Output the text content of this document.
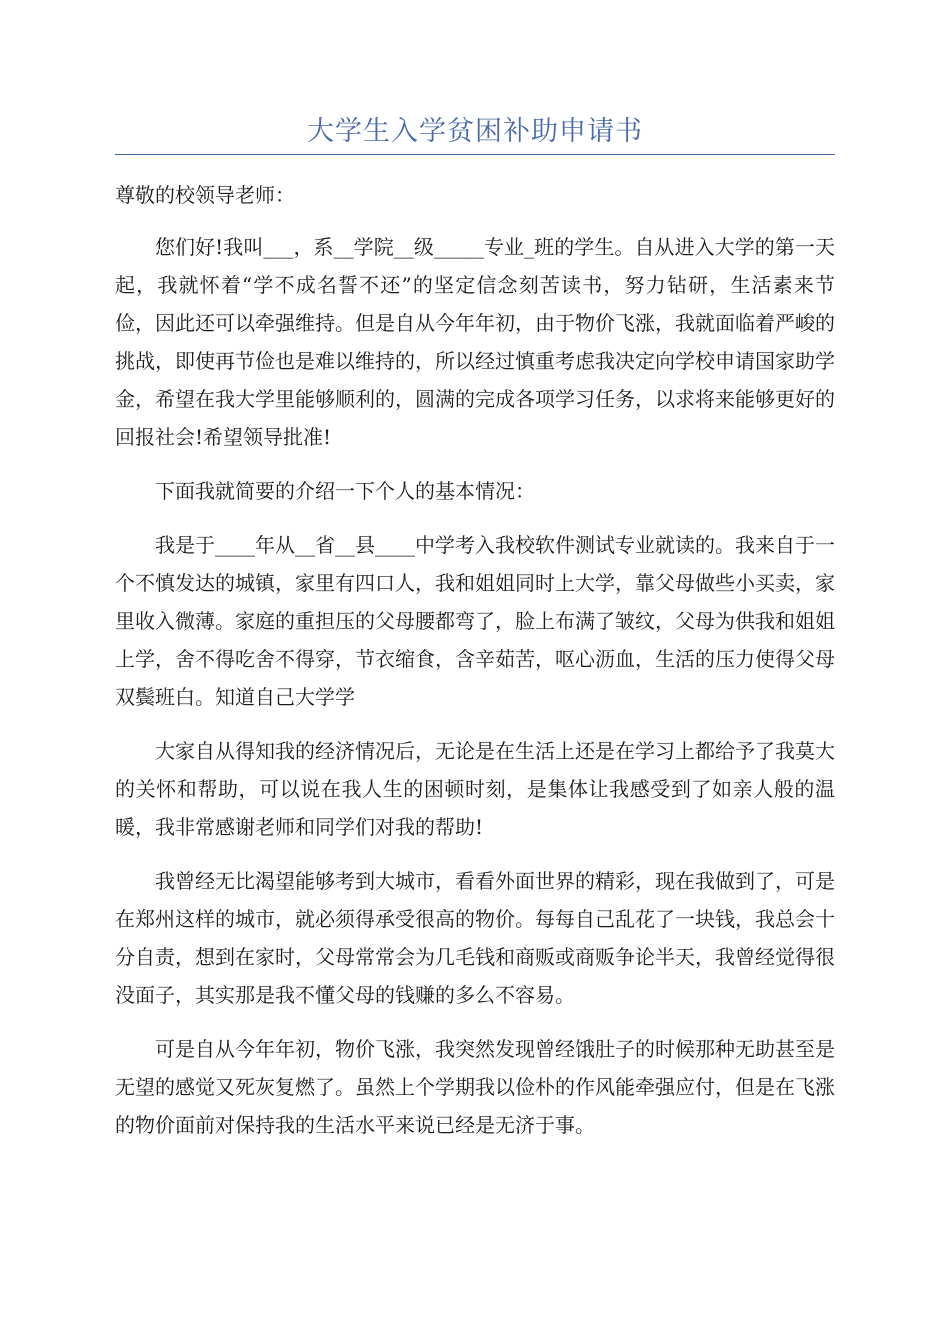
大学生入学贫困补助申请书

尊敬的校领导老师：

您们好!我叫___，系__学院__级_____专业_班的学生。自从进入大学的第一天起，我就怀着“学不成名誓不还”的坚定信念刻苦读书，努力钻研，生活素来节俭，因此还可以牵强维持。但是自从今年年初，由于物价飞涨，我就面临着严峻的挑战，即使再节俭也是难以维持的，所以经过慎重考虑我决定向学校申请国家助学金，希望在我大学里能够顺利的，圆满的完成各项学习任务，以求将来能够更好的回报社会!希望领导批准!

下面我就简要的介绍一下个人的基本情况：

我是于____年从__省__县____中学考入我校软件测试专业就读的。我来自于一个不慎发达的城镇，家里有四口人，我和姐姐同时上大学，靠父母做些小买卖，家里收入微薄。家庭的重担压的父母腰都弯了，脸上布满了皱纹，父母为供我和姐姐上学，舍不得吃舍不得穿，节衣缩食，含辛茹苦，呕心沥血，生活的压力使得父母双鬓班白。知道自己大学学

大家自从得知我的经济情况后，无论是在生活上还是在学习上都给予了我莫大的关怀和帮助，可以说在我人生的困顿时刻，是集体让我感受到了如亲人般的温暖，我非常感谢老师和同学们对我的帮助!

我曾经无比渴望能够考到大城市，看看外面世界的精彩，现在我做到了，可是在郑州这样的城市，就必须得承受很高的物价。每每自己乱花了一块钱，我总会十分自责，想到在家时，父母常常会为几毛钱和商贩或商贩争论半天，我曾经觉得很没面子，其实那是我不懂父母的钱赚的多么不容易。

可是自从今年年初，物价飞涨，我突然发现曾经饿肚子的时候那种无助甚至是无望的感觉又死灰复燃了。虽然上个学期我以俭朴的作风能牵强应付，但是在飞涨的物价面前对保持我的生活水平来说已经是无济于事。
